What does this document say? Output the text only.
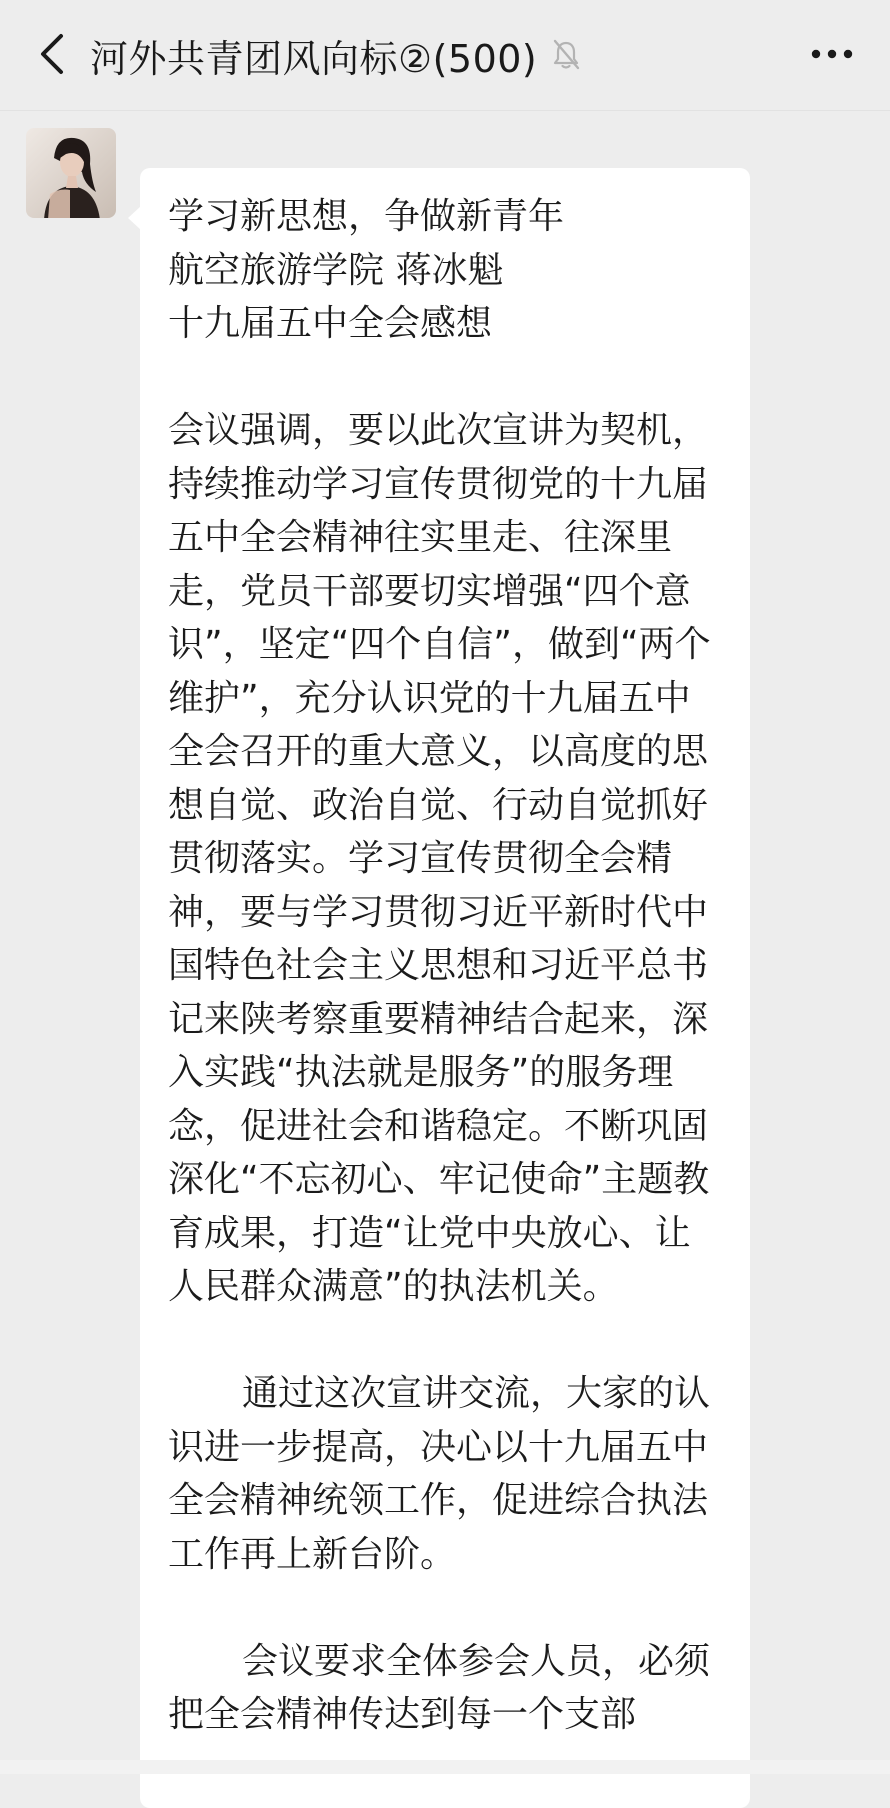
河外共青团风向标②(500)

学习新思想，争做新青年
航空旅游学院 蒋冰魁
十九届五中全会感想

会议强调，要以此次宣讲为契机，持续推动学习宣传贯彻党的十九届五中全会精神往实里走、往深里走，党员干部要切实增强“四个意识”，坚定“四个自信”，做到“两个维护”，充分认识党的十九届五中全会召开的重大意义，以高度的思想自觉、政治自觉、行动自觉抓好贯彻落实。学习宣传贯彻全会精神，要与学习贯彻习近平新时代中国特色社会主义思想和习近平总书记来陕考察重要精神结合起来，深入实践“执法就是服务”的服务理念，促进社会和谐稳定。不断巩固深化“不忘初心、牢记使命”主题教育成果，打造“让党中央放心、让人民群众满意”的执法机关。

通过这次宣讲交流，大家的认识进一步提高，决心以十九届五中全会精神统领工作，促进综合执法工作再上新台阶。

会议要求全体参会人员，必须把全会精神传达到每一个支部
